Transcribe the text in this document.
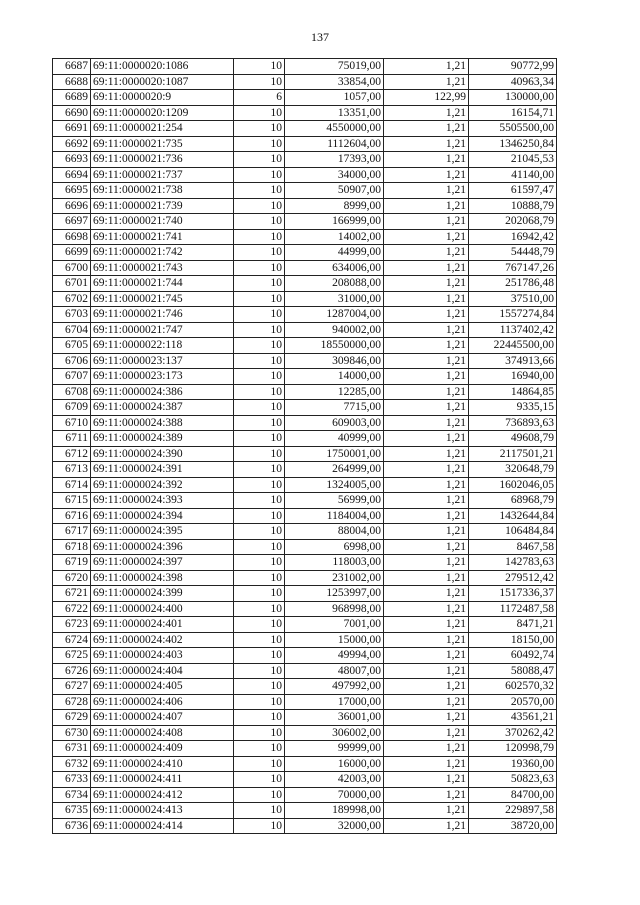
137
6687	69:11:0000020:1086	10	75019,00	1,21	90772,99
6688	69:11:0000020:1087	10	33854,00	1,21	40963,34
6689	69:11:0000020:9	6	1057,00	122,99	130000,00
6690	69:11:0000020:1209	10	13351,00	1,21	16154,71
6691	69:11:0000021:254	10	4550000,00	1,21	5505500,00
6692	69:11:0000021:735	10	1112604,00	1,21	1346250,84
6693	69:11:0000021:736	10	17393,00	1,21	21045,53
6694	69:11:0000021:737	10	34000,00	1,21	41140,00
6695	69:11:0000021:738	10	50907,00	1,21	61597,47
6696	69:11:0000021:739	10	8999,00	1,21	10888,79
6697	69:11:0000021:740	10	166999,00	1,21	202068,79
6698	69:11:0000021:741	10	14002,00	1,21	16942,42
6699	69:11:0000021:742	10	44999,00	1,21	54448,79
6700	69:11:0000021:743	10	634006,00	1,21	767147,26
6701	69:11:0000021:744	10	208088,00	1,21	251786,48
6702	69:11:0000021:745	10	31000,00	1,21	37510,00
6703	69:11:0000021:746	10	1287004,00	1,21	1557274,84
6704	69:11:0000021:747	10	940002,00	1,21	1137402,42
6705	69:11:0000022:118	10	18550000,00	1,21	22445500,00
6706	69:11:0000023:137	10	309846,00	1,21	374913,66
6707	69:11:0000023:173	10	14000,00	1,21	16940,00
6708	69:11:0000024:386	10	12285,00	1,21	14864,85
6709	69:11:0000024:387	10	7715,00	1,21	9335,15
6710	69:11:0000024:388	10	609003,00	1,21	736893,63
6711	69:11:0000024:389	10	40999,00	1,21	49608,79
6712	69:11:0000024:390	10	1750001,00	1,21	2117501,21
6713	69:11:0000024:391	10	264999,00	1,21	320648,79
6714	69:11:0000024:392	10	1324005,00	1,21	1602046,05
6715	69:11:0000024:393	10	56999,00	1,21	68968,79
6716	69:11:0000024:394	10	1184004,00	1,21	1432644,84
6717	69:11:0000024:395	10	88004,00	1,21	106484,84
6718	69:11:0000024:396	10	6998,00	1,21	8467,58
6719	69:11:0000024:397	10	118003,00	1,21	142783,63
6720	69:11:0000024:398	10	231002,00	1,21	279512,42
6721	69:11:0000024:399	10	1253997,00	1,21	1517336,37
6722	69:11:0000024:400	10	968998,00	1,21	1172487,58
6723	69:11:0000024:401	10	7001,00	1,21	8471,21
6724	69:11:0000024:402	10	15000,00	1,21	18150,00
6725	69:11:0000024:403	10	49994,00	1,21	60492,74
6726	69:11:0000024:404	10	48007,00	1,21	58088,47
6727	69:11:0000024:405	10	497992,00	1,21	602570,32
6728	69:11:0000024:406	10	17000,00	1,21	20570,00
6729	69:11:0000024:407	10	36001,00	1,21	43561,21
6730	69:11:0000024:408	10	306002,00	1,21	370262,42
6731	69:11:0000024:409	10	99999,00	1,21	120998,79
6732	69:11:0000024:410	10	16000,00	1,21	19360,00
6733	69:11:0000024:411	10	42003,00	1,21	50823,63
6734	69:11:0000024:412	10	70000,00	1,21	84700,00
6735	69:11:0000024:413	10	189998,00	1,21	229897,58
6736	69:11:0000024:414	10	32000,00	1,21	38720,00
